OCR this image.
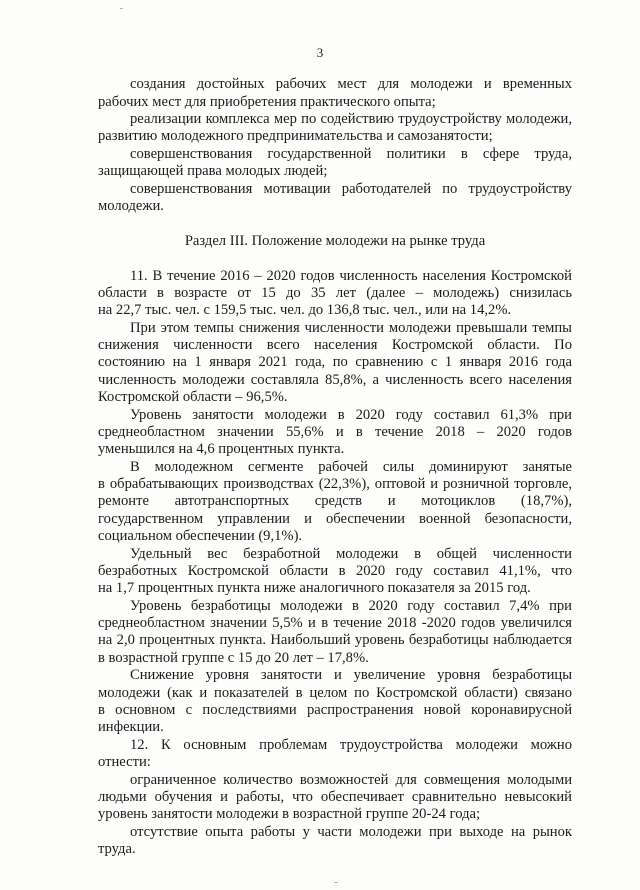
3
создания достойных рабочих мест для молодежи и временных
рабочих мест для приобретения практического опыта;
реализации комплекса мер по содействию трудоустройству молодежи,
развитию молодежного предпринимательства и самозанятости;
совершенствования государственной политики в сфере труда,
защищающей права молодых людей;
совершенствования мотивации работодателей по трудоустройству
молодежи.
Раздел III. Положение молодежи на рынке труда
11. В течение 2016 – 2020 годов численность населения Костромской
области в возрасте от 15 до 35 лет (далее – молодежь) снизилась
на 22,7 тыс. чел. с 159,5 тыс. чел. до 136,8 тыс. чел., или на 14,2%.
При этом темпы снижения численности молодежи превышали темпы
снижения численности всего населения Костромской области. По
состоянию на 1 января 2021 года, по сравнению с 1 января 2016 года
численность молодежи составляла 85,8%, а численность всего населения
Костромской области – 96,5%.
Уровень занятости молодежи в 2020 году составил 61,3% при
среднеобластном значении 55,6% и в течение 2018 – 2020 годов
уменьшился на 4,6 процентных пункта.
В молодежном сегменте рабочей силы доминируют занятые
в обрабатывающих производствах (22,3%), оптовой и розничной торговле,
ремонте автотранспортных средств и мотоциклов (18,7%),
государственном управлении и обеспечении военной безопасности,
социальном обеспечении (9,1%).
Удельный вес безработной молодежи в общей численности
безработных Костромской области в 2020 году составил 41,1%, что
на 1,7 процентных пункта ниже аналогичного показателя за 2015 год.
Уровень безработицы молодежи в 2020 году составил 7,4% при
среднеобластном значении 5,5% и в течение 2018 -2020 годов увеличился
на 2,0 процентных пункта. Наибольший уровень безработицы наблюдается
в возрастной группе с 15 до 20 лет – 17,8%.
Снижение уровня занятости и увеличение уровня безработицы
молодежи (как и показателей в целом по Костромской области) связано
в основном с последствиями распространения новой коронавирусной
инфекции.
12. К основным проблемам трудоустройства молодежи можно
отнести:
ограниченное количество возможностей для совмещения молодыми
людьми обучения и работы, что обеспечивает сравнительно невысокий
уровень занятости молодежи в возрастной группе 20-24 года;
отсутствие опыта работы у части молодежи при выходе на рынок
труда.
